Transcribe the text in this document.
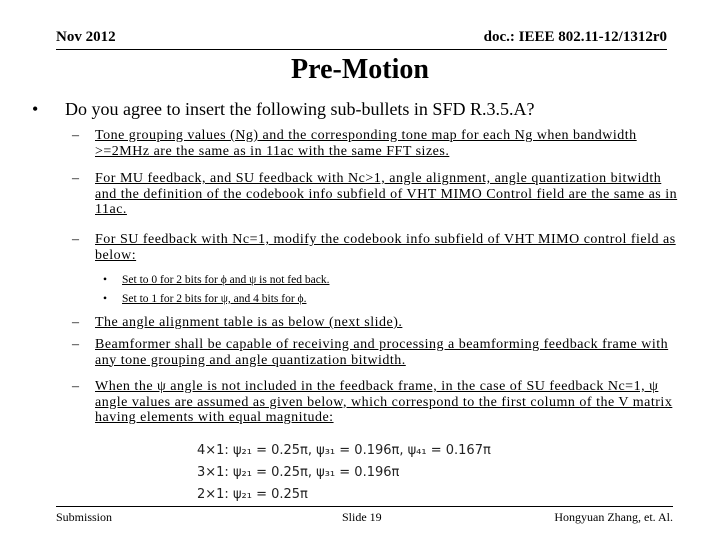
Nov 2012	doc.: IEEE 802.11-12/1312r0
Pre-Motion
• Do you agree to insert the following sub-bullets in SFD R.3.5.A?
– Tone grouping values (Ng) and the corresponding tone map for each Ng when bandwidth >=2MHz are the same as in 11ac with the same FFT sizes.
– For MU feedback, and SU feedback with Nc>1, angle alignment, angle quantization bitwidth and the definition of the codebook info subfield of VHT MIMO Control field are the same as in 11ac.
– For SU feedback with Nc=1, modify the codebook info subfield of VHT MIMO control field as below:
• Set to 0 for 2 bits for ϕ and ψ is not fed back.
• Set to 1 for 2 bits for ψ, and 4 bits for ϕ.
– The angle alignment table is as below (next slide).
– Beamformer shall be capable of receiving and processing a beamforming feedback frame with any tone grouping and angle quantization bitwidth.
– When the ψ angle is not included in the feedback frame, in the case of SU feedback Nc=1, ψ angle values are assumed as given below, which correspond to the first column of the V matrix having elements with equal magnitude:
4×1: ψ₂₁ = 0.25π, ψ₃₁ = 0.196π, ψ₄₁ = 0.167π
3×1: ψ₂₁ = 0.25π, ψ₃₁ = 0.196π
2×1: ψ₂₁ = 0.25π
Submission	Slide 19	Hongyuan Zhang, et. Al.
